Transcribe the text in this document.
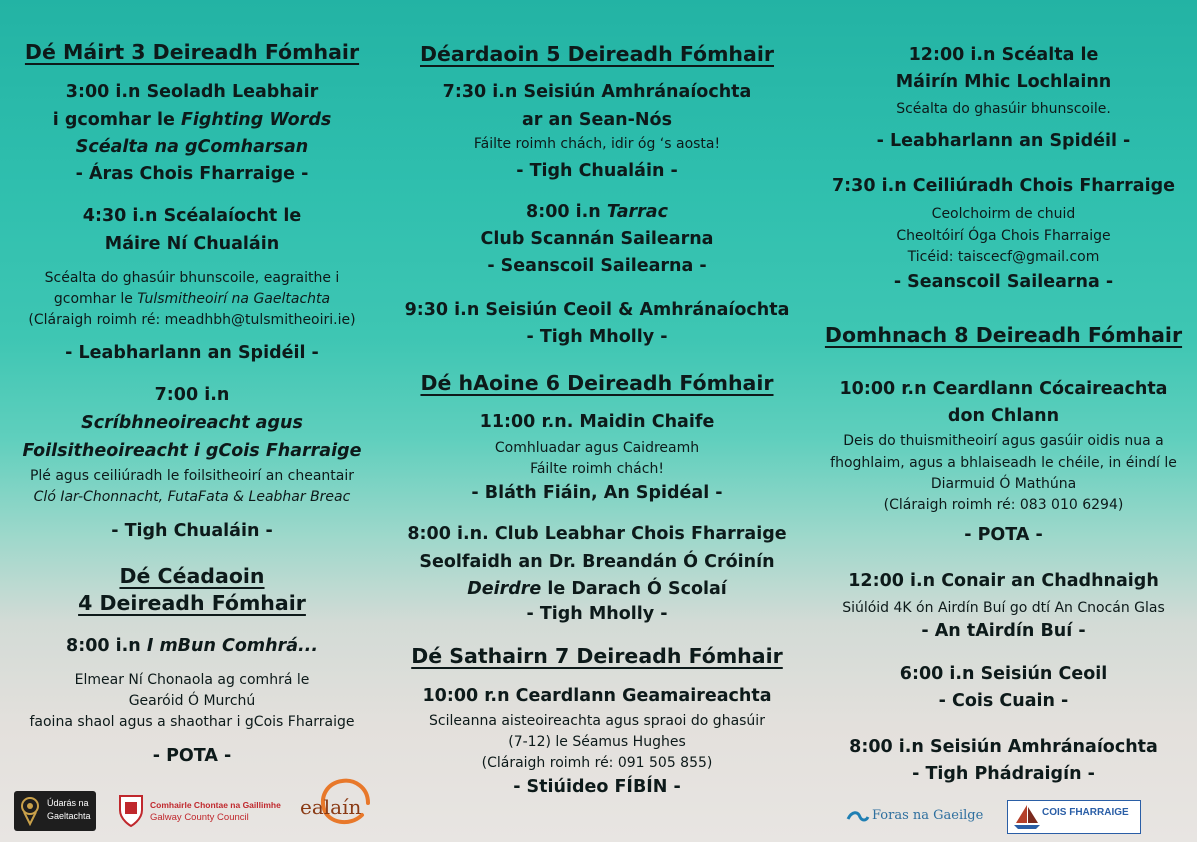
Dé Máirt 3 Deireadh Fómhair
3:00 i.n Seoladh Leabhair
i gcomhar le Fighting Words
Scéalta na gComharsan
- Áras Chois Fharraige -
4:30 i.n Scéalaíocht le
Máire Ní Chualáin
Scéalta do ghasúir bhunscoile, eagraithe i
gcomhar le Tulsmitheoirí na Gaeltachta
(Cláraigh roimh ré: meadhbh@tulsmitheoiri.ie)
- Leabharlann an Spidéil -
7:00 i.n
Scríbhneoireacht agus
Foilsitheoireacht i gCois Fharraige
Plé agus ceiliúradh le foilsitheoirí an cheantair
Cló Iar-Chonnacht, FutaFata & Leabhar Breac
- Tigh Chualáin -
Dé Céadaoin
4 Deireadh Fómhair
8:00 i.n I mBun Comhrá...
Elmear Ní Chonaola ag comhrá le
Gearóid Ó Murchú
faoina shaol agus a shaothar i gCois Fharraige
- POTA -
Déardaoin 5 Deireadh Fómhair
7:30 i.n Seisiún Amhránaíochta
ar an Sean-Nós
Fáilte roimh chách, idir óg ‘s aosta!
- Tigh Chualáin -
8:00 i.n Tarrac
Club Scannán Sailearna
- Seanscoil Sailearna -
9:30 i.n Seisiún Ceoil & Amhránaíochta
- Tigh Mholly -
Dé hAoine 6 Deireadh Fómhair
11:00 r.n. Maidin Chaife
Comhluadar agus Caidreamh
Fáilte roimh chách!
- Bláth Fiáin, An Spidéal -
8:00 i.n. Club Leabhar Chois Fharraige
Seolfaidh an Dr. Breandán Ó Cróinín
Deirdre le Darach Ó Scolaí
- Tigh Mholly -
Dé Sathairn 7 Deireadh Fómhair
10:00 r.n Ceardlann Geamaireachta
Scileanna aisteoireachta agus spraoi do ghasúir
(7-12) le Séamus Hughes
(Cláraigh roimh ré: 091 505 855)
- Stiúideo FÍBÍN -
12:00 i.n Scéalta le
Máirín Mhic Lochlainn
Scéalta do ghasúir bhunscoile.
- Leabharlann an Spidéil -
7:30 i.n Ceiliúradh Chois Fharraige
Ceolchoirm de chuid
Cheoltóirí Óga Chois Fharraige
Ticéid: taiscecf@gmail.com
- Seanscoil Sailearna -
Domhnach 8 Deireadh Fómhair
10:00 r.n Ceardlann Cócaireachta
don Chlann
Deis do thuismitheoirí agus gasúir oidis nua a
fhoghlaim, agus a bhlaiseadh le chéile, in éindí le
Diarmuid Ó Mathúna
(Cláraigh roimh ré: 083 010 6294)
- POTA -
12:00 i.n Conair an Chadhnaigh
Siúlóid 4K ón Airdín Buí go dtí An Cnocán Glas
- An tAirdín Buí -
6:00 i.n Seisiún Ceoil
- Cois Cuain -
8:00 i.n Seisiún Amhránaíochta
- Tigh Phádraigín -
Údarás na
Gaeltachta
Comhairle Chontae na Gaillimhe
Galway County Council	ealaín	Foras na Gaeilge	COIS FHARRAIGE
